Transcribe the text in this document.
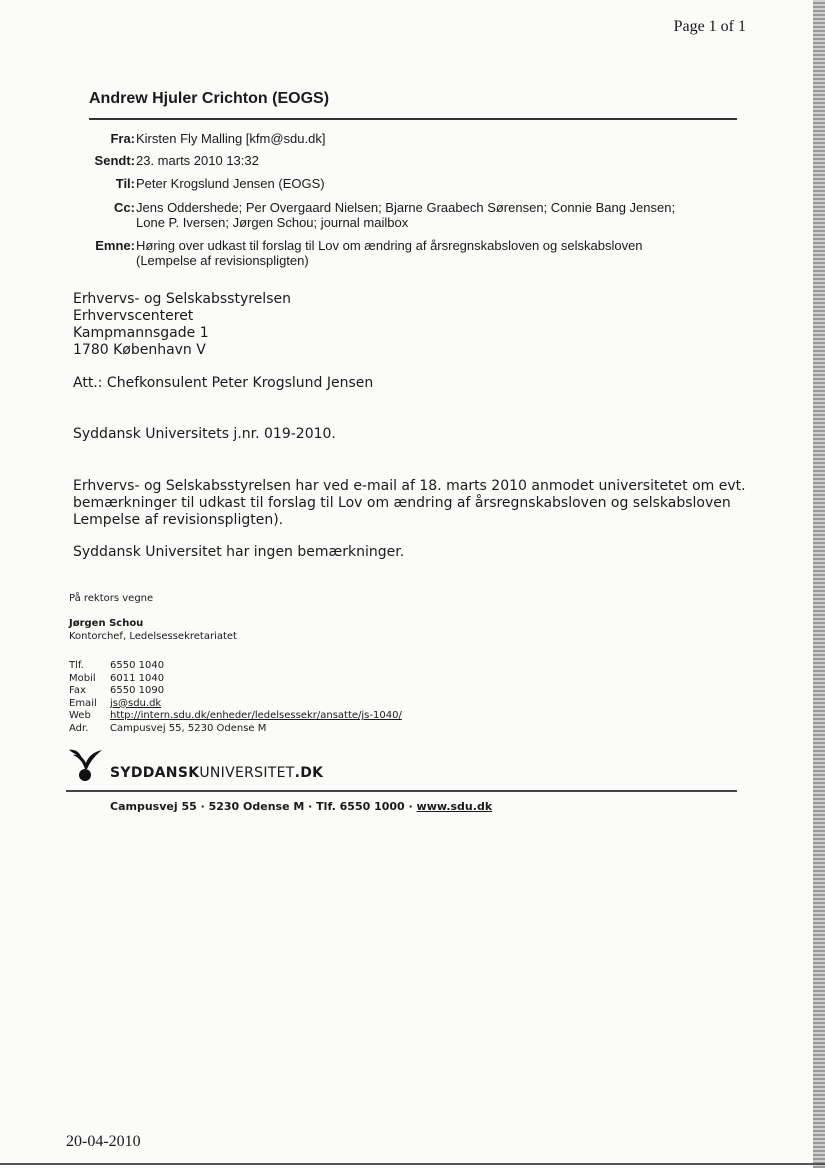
Page 1 of 1
Andrew Hjuler Crichton (EOGS)
Fra: Kirsten Fly Malling [kfm@sdu.dk]
Sendt: 23. marts 2010 13:32
Til: Peter Krogslund Jensen (EOGS)
Cc: Jens Oddershede; Per Overgaard Nielsen; Bjarne Graabech Sørensen; Connie Bang Jensen;
Lone P. Iversen; Jørgen Schou; journal mailbox
Emne: Høring over udkast til forslag til Lov om ændring af årsregnskabsloven og selskabsloven
(Lempelse af revisionspligten)
Erhvervs- og Selskabsstyrelsen
Erhvervscenteret
Kampmannsgade 1
1780 København V
Att.: Chefkonsulent Peter Krogslund Jensen
Syddansk Universitets j.nr. 019-2010.
Erhvervs- og Selskabsstyrelsen har ved e-mail af 18. marts 2010 anmodet universitetet om evt.
bemærkninger til udkast til forslag til Lov om ændring af årsregnskabsloven og selskabsloven
Lempelse af revisionspligten).
Syddansk Universitet har ingen bemærkninger.
På rektors vegne
Jørgen Schou
Kontorchef, Ledelsessekretariatet
Tlf.	6550 1040
Mobil 6011 1040
Fax 6550 1090
Email js@sdu.dk
Web http://intern.sdu.dk/enheder/ledelsessekr/ansatte/js-1040/
Adr. Campusvej 55, 5230 Odense M
SYDDANSKUNIVERSITET.DK
Campusvej 55 · 5230 Odense M · Tlf. 6550 1000 · www.sdu.dk
20-04-2010
